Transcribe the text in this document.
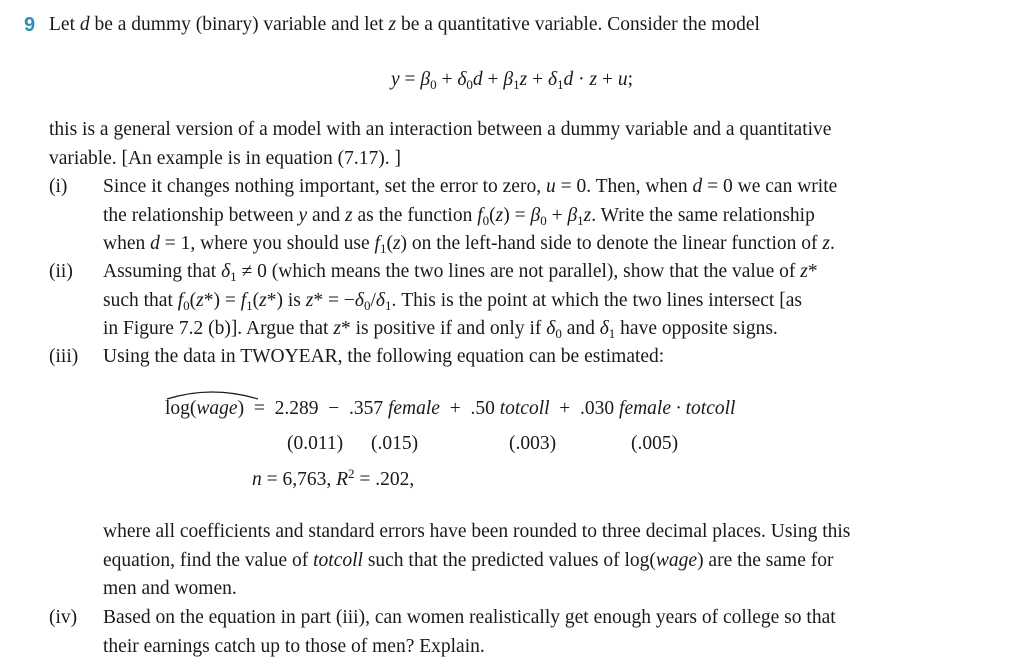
9 Let d be a dummy (binary) variable and let z be a quantitative variable. Consider the model
$y = \beta_0 + \delta_0d + \beta_1z + \delta_1d \cdot z + u$;
this is a general version of a model with an interaction between a dummy variable and a quantitative
variable. [An example is in equation (7.17). ]
(i)	Since it changes nothing important, set the error to zero, u = 0. Then, when d = 0 we can write
the relationship between y and z as the function $f_0(z) = \beta_0 + \beta_1z$. Write the same relationship
when d = 1, where you should use $f_1(z)$ on the left-hand side to denote the linear function of z.
(ii)	Assuming that $\delta_1 \ne 0$ (which means the two lines are not parallel), show that the value of z*
such that $f_0(z*) = f_1(z*)$ is $z* = -\delta_0/\delta_1$. This is the point at which the two lines intersect [as
in Figure 7.2 (b)]. Argue that z* is positive if and only if $\delta_0$ and $\delta_1$ have opposite signs.
(iii)	Using the data in TWOYEAR, the following equation can be estimated:
log(wage) = 2.289 − .357 female + .50 totcoll + .030 female · totcoll
(0.011) (.015)	(.003)	(.005)
n = 6,763, $R^2 = .202$,
where all coefficients and standard errors have been rounded to three decimal places. Using this
equation, find the value of totcoll such that the predicted values of log(wage) are the same for
men and women.
(iv)	Based on the equation in part (iii), can women realistically get enough years of college so that
their earnings catch up to those of men? Explain.
